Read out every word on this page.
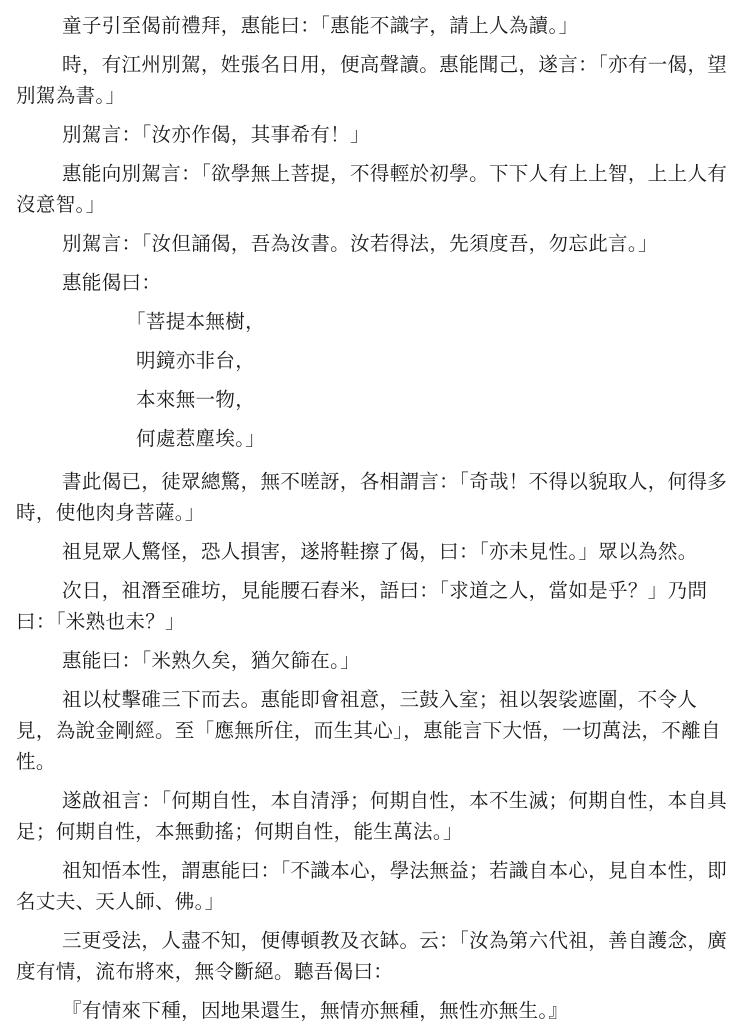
童子引至偈前禮拜，惠能曰：「惠能不識字，請上人為讀。」

時，有江州別駕，姓張名日用，便高聲讀。惠能聞己，遂言：「亦有一偈，望別駕為書。」

別駕言：「汝亦作偈，其事希有！」

惠能向別駕言：「欲學無上菩提，不得輕於初學。下下人有上上智，上上人有沒意智。」

別駕言：「汝但誦偈，吾為汝書。汝若得法，先須度吾，勿忘此言。」

惠能偈曰：

「菩提本無樹，

明鏡亦非台，

本來無一物，

何處惹塵埃。」

書此偈已，徒眾總驚，無不嗟訝，各相謂言：「奇哉！不得以貌取人，何得多時，使他肉身菩薩。」

祖見眾人驚怪，恐人損害，遂將鞋擦了偈，曰：「亦未見性。」眾以為然。

次日，祖潛至碓坊，見能腰石舂米，語曰：「求道之人，當如是乎？」乃問曰：「米熟也未？」

惠能曰：「米熟久矣，猶欠篩在。」

祖以杖擊碓三下而去。惠能即會祖意，三鼓入室；祖以袈裟遮圍，不令人見，為說金剛經。至「應無所住，而生其心」，惠能言下大悟，一切萬法，不離自性。

遂啟祖言：「何期自性，本自清淨；何期自性，本不生滅；何期自性，本自具足；何期自性，本無動搖；何期自性，能生萬法。」

祖知悟本性，謂惠能曰：「不識本心，學法無益；若識自本心，見自本性，即名丈夫、天人師、佛。」

三更受法，人盡不知，便傳頓教及衣缽。云：「汝為第六代祖，善自護念，廣度有情，流布將來，無令斷絕。聽吾偈曰：

『有情來下種，因地果還生，無情亦無種，無性亦無生。』
